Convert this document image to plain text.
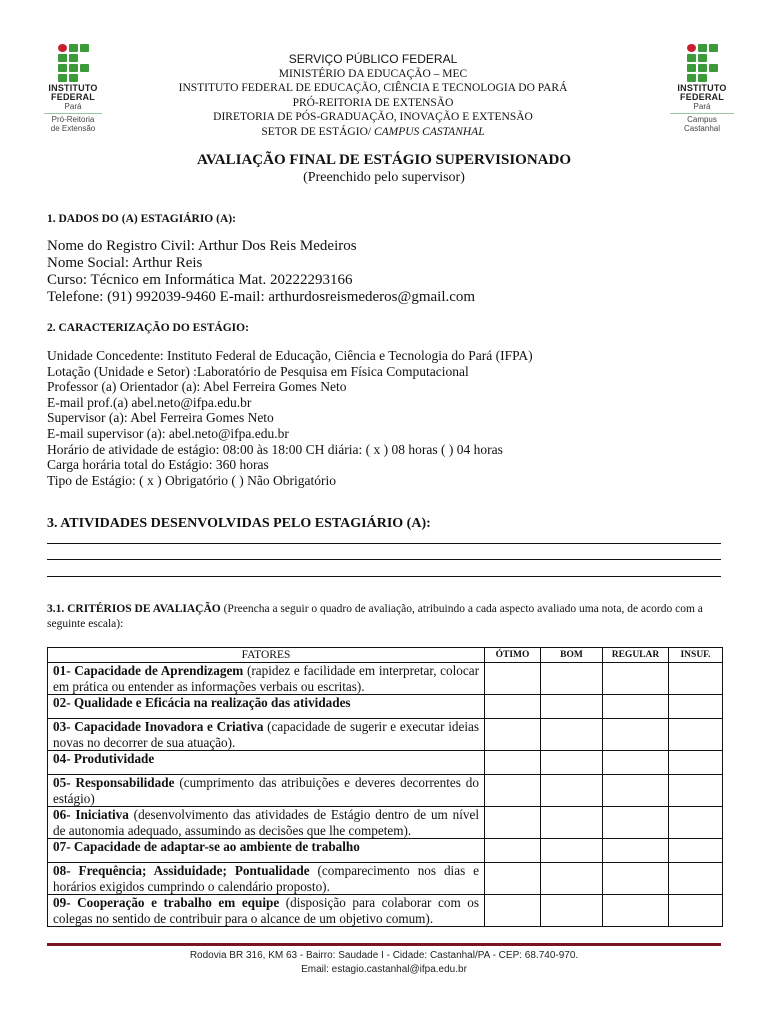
INSTITUTO
FEDERAL
Pará
Pró-Reitoria
de Extensão
INSTITUTO
FEDERAL
Pará
Campus
Castanhal
SERVIÇO PÚBLICO FEDERAL
MINISTÉRIO DA EDUCAÇÃO – MEC
INSTITUTO FEDERAL DE EDUCAÇÃO, CIÊNCIA E TECNOLOGIA DO PARÁ
PRÓ-REITORIA DE EXTENSÃO
DIRETORIA DE PÓS-GRADUAÇÃO, INOVAÇÃO E EXTENSÃO
SETOR DE ESTÁGIO/ CAMPUS CASTANHAL
AVALIAÇÃO FINAL DE ESTÁGIO SUPERVISIONADO
(Preenchido pelo supervisor)
1. DADOS DO (A) ESTAGIÁRIO (A):
Nome do Registro Civil: Arthur Dos Reis Medeiros
Nome Social: Arthur Reis
Curso: Técnico em Informática Mat. 20222293166
Telefone: (91) 992039-9460 E-mail: arthurdosreismederos@gmail.com
2. CARACTERIZAÇÃO DO ESTÁGIO:
Unidade Concedente: Instituto Federal de Educação, Ciência e Tecnologia do Pará (IFPA)
Lotação (Unidade e Setor) :Laboratório de Pesquisa em Física Computacional
Professor (a) Orientador (a): Abel Ferreira Gomes Neto
E-mail prof.(a) abel.neto@ifpa.edu.br
Supervisor (a): Abel Ferreira Gomes Neto
E-mail supervisor (a): abel.neto@ifpa.edu.br
Horário de atividade de estágio: 08:00 às 18:00 CH diária: ( x ) 08 horas ( ) 04 horas
Carga horária total do Estágio: 360 horas
Tipo de Estágio: ( x ) Obrigatório ( ) Não Obrigatório
3. ATIVIDADES DESENVOLVIDAS PELO ESTAGIÁRIO (A):
3.1. CRITÉRIOS DE AVALIAÇÃO (Preencha a seguir o quadro de avaliação, atribuindo a cada aspecto avaliado uma nota, de acordo com a seguinte escala):
FATORES	ÓTIMO	BOM	REGULAR	INSUF.
01- Capacidade de Aprendizagem (rapidez e facilidade em interpretar, colocar em prática ou entender as informações verbais ou escritas).				
02- Qualidade e Eficácia na realização das atividades				
03- Capacidade Inovadora e Criativa (capacidade de sugerir e executar ideias novas no decorrer de sua atuação).				
04- Produtividade				
05- Responsabilidade (cumprimento das atribuições e deveres decorrentes do estágio)				
06- Iniciativa (desenvolvimento das atividades de Estágio dentro de um nível de autonomia adequado, assumindo as decisões que lhe competem).				
07- Capacidade de adaptar-se ao ambiente de trabalho				
08- Frequência; Assiduidade; Pontualidade (comparecimento nos dias e horários exigidos cumprindo o calendário proposto).				
09- Cooperação e trabalho em equipe (disposição para colaborar com os colegas no sentido de contribuir para o alcance de um objetivo comum).				
Rodovia BR 316, KM 63 - Bairro: Saudade I - Cidade: Castanhal/PA - CEP: 68.740-970.
Email: estagio.castanhal@ifpa.edu.br
